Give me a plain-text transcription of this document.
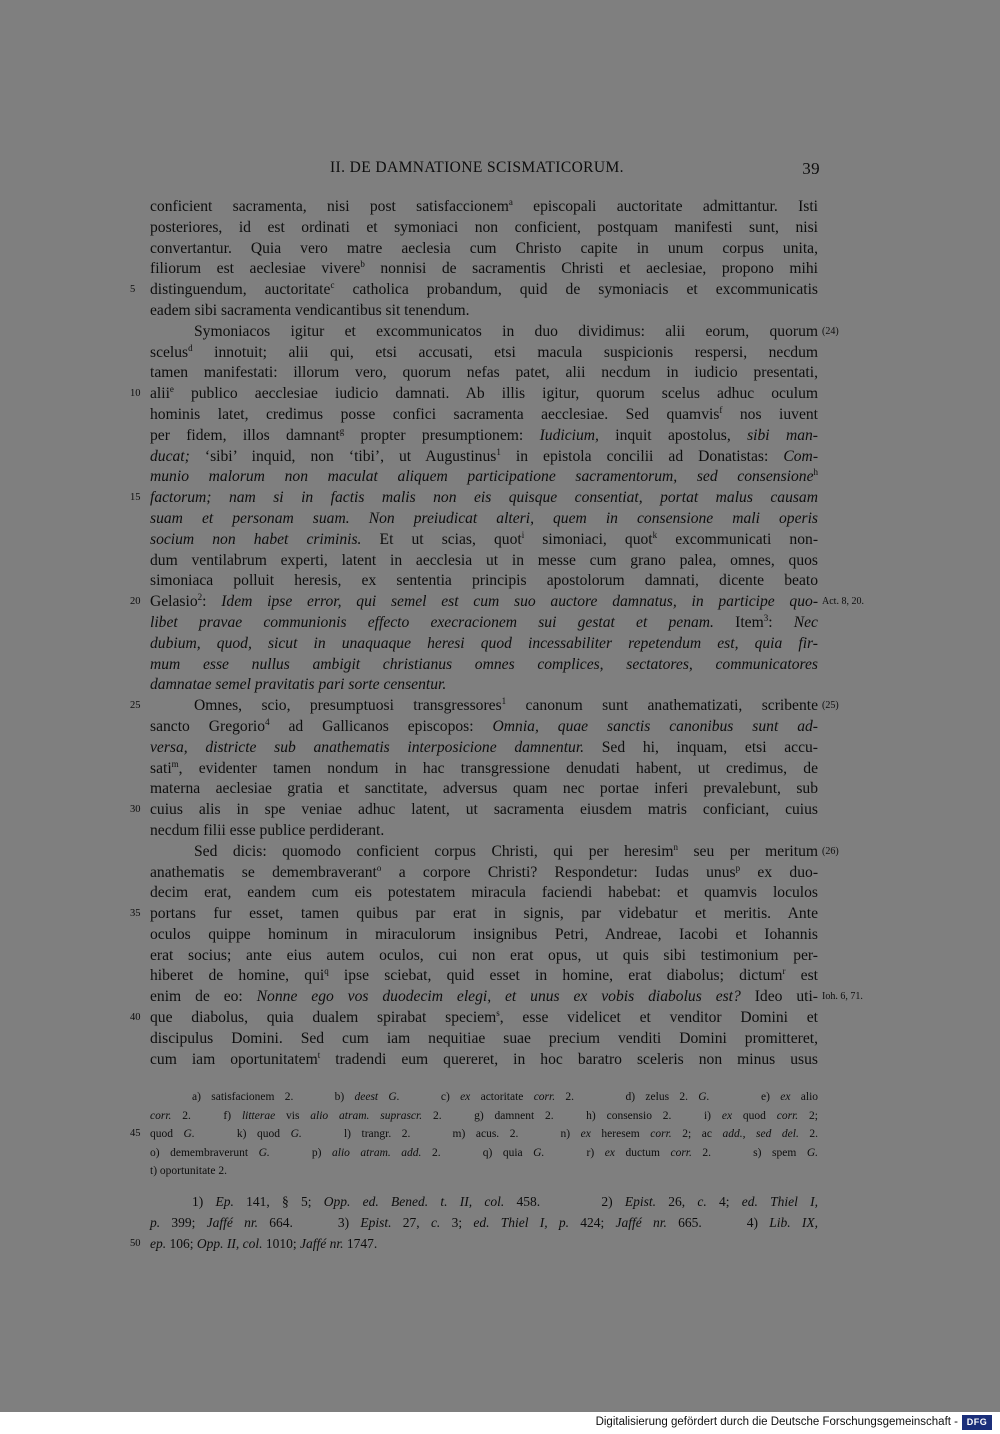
II. DE DAMNATIONE SCISMATICORUM.	39
conficient sacramenta, nisi post satisfaccionem$^a$ episcopali auctoritate admittantur. Isti
posteriores, id est ordinati et symoniaci non conficient, postquam manifesti sunt, nisi
convertantur. Quia vero matre aeclesia cum Christo capite in unum corpus unita,
filiorum est aeclesiae vivere$^b$ nonnisi de sacramentis Christi et aeclesiae, propono mihi
distinguendum, auctoritate$^c$ catholica probandum, quid de symoniacis et excommunicatis
5
eadem sibi sacramenta vendicantibus sit tenendum.
Symoniacos igitur et excommunicatos in duo dividimus: alii eorum, quorum (24)
scelus$^d$ innotuit; alii qui, etsi accusati, etsi macula suspicionis respersi, necdum
tamen manifestati: illorum vero, quorum nefas patet, alii necdum in iudicio presentati,
alii$^e$ publico aecclesiae iudicio damnati. Ab illis igitur, quorum scelus adhuc oculum
10
hominis latet, credimus posse confici sacramenta aecclesiae. Sed quamvis$^f$ nos iuvent
per fidem, illos damnant$^g$ propter presumptionem: Iudicium, inquit apostolus, sibi man-
ducat; ‘sibi’ inquid, non ‘tibi’, ut Augustinus$^1$ in epistola concilii ad Donatistas: Com-
munio malorum non maculat aliquem participatione sacramentorum, sed consensione$^h$
factorum; nam si in factis malis non eis quisque consentiat, portat malus causam
15
suam et personam suam. Non preiudicat alteri, quem in consensione mali operis
socium non habet criminis. Et ut scias, quot$^i$ simoniaci, quot$^k$ excommunicati non-
dum ventilabrum experti, latent in aecclesia ut in messe cum grano palea, omnes, quos
simoniaca polluit heresis, ex sententia principis apostolorum damnati, dicente beato
Gelasio$^2$: Idem ipse error, qui semel est cum suo auctore damnatus, in participe quo-
20	Act. 8, 20.
libet pravae communionis effecto execracionem sui gestat et penam. Item$^3$: Nec
dubium, quod, sicut in unaquaque heresi quod incessabiliter repetendum est, quia fir-
mum esse nullus ambigit christianus omnes complices, sectatores, communicatores
damnatae semel pravitatis pari sorte censentur.
Omnes, scio, presumptuosi transgressores$^1$ canonum sunt anathematizati, scribente
25	(25)
sancto Gregorio$^4$ ad Gallicanos episcopos: Omnia, quae sanctis canonibus sunt ad-
versa, districte sub anathematis interposicione damnentur. Sed hi, inquam, etsi accu-
sati$^m$, evidenter tamen nondum in hac transgressione denudati habent, ut credimus, de
materna aeclesiae gratia et sanctitate, adversus quam nec portae inferi prevalebunt, sub
cuius alis in spe veniae adhuc latent, ut sacramenta eiusdem matris conficiant, cuius
30
necdum filii esse publice perdiderant.
Sed dicis: quomodo conficient corpus Christi, qui per heresim$^n$ seu per meritum (26)
anathematis se demembraverant$^o$ a corpore Christi? Respondetur: Iudas unus$^p$ ex duo-
decim erat, eandem cum eis potestatem miracula faciendi habebat: et quamvis loculos
portans fur esset, tamen quibus par erat in signis, par videbatur et meritis. Ante
35
oculos quippe hominum in miraculorum insignibus Petri, Andreae, Iacobi et Iohannis
erat socius; ante eius autem oculos, cui non erat opus, ut quis sibi testimonium per-
hiberet de homine, qui$^q$ ipse sciebat, quid esset in homine, erat diabolus; dictum$^r$ est
enim de eo: Nonne ego vos duodecim elegi, et unus ex vobis diabolus est? Ideo uti- Ioh. 6, 71.
que diabolus, quia dualem spirabat speciem$^s$, esse videlicet et venditor Domini et
40
discipulus Domini. Sed cum iam nequitiae suae precium venditi Domini promitteret,
cum iam oportunitatem$^t$ tradendi eum quereret, in hoc baratro sceleris non minus usus
a) satisfacionem 2.    b) deest G.    c) ex actoritate corr. 2.     d) zelus 2. G.     e) ex alio
corr. 2.   f) litterae vis alio atram. suprascr. 2.   g) damnent 2.   h) consensio 2.   i) ex quod corr. 2;
quod G.    k) quod G.    l) trangr. 2.    m) acus. 2.    n) ex heresem corr. 2; ac add., sed del. 2.
45
o) demembraverunt G.    p) alio atram. add. 2.    q) quia G.    r) ex ductum corr. 2.    s) spem G.
t) oportunitate 2.
1) Ep. 141, § 5; Opp. ed. Bened. t. II, col. 458.     2) Epist. 26, c. 4; ed. Thiel I,
p. 399; Jaffé nr. 664.    3) Epist. 27, c. 3; ed. Thiel I, p. 424; Jaffé nr. 665.    4) Lib. IX,
ep. 106; Opp. II, col. 1010; Jaffé nr. 1747.
50
Digitalisierung gefördert durch die Deutsche Forschungsgemeinschaft - DFG
